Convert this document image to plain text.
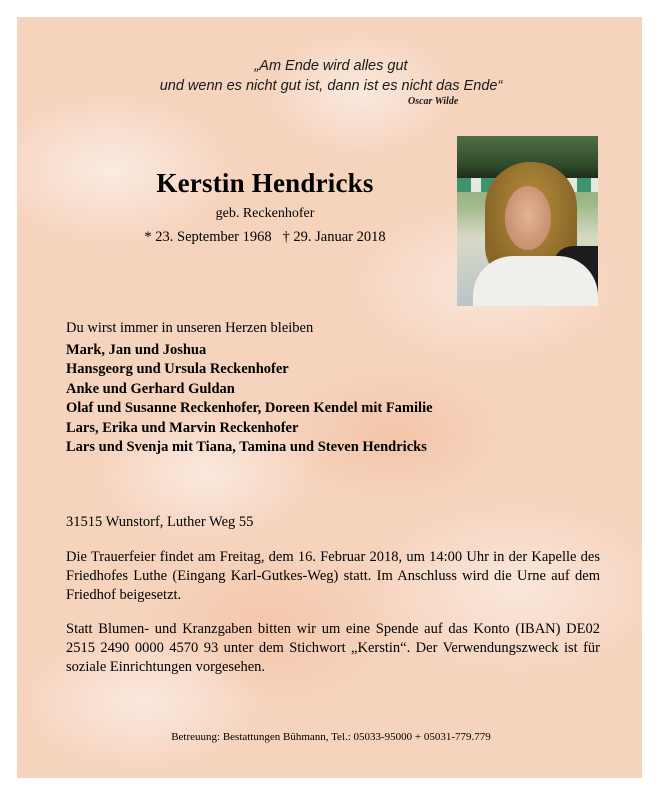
„Am Ende wird alles gut
und wenn es nicht gut ist, dann ist es nicht das Ende“
Oscar Wilde
Kerstin Hendricks
geb. Reckenhofer
* 23. September 1968 † 29. Januar 2018
Du wirst immer in unseren Herzen bleiben
Mark, Jan und Joshua
Hansgeorg und Ursula Reckenhofer
Anke und Gerhard Guldan
Olaf und Susanne Reckenhofer, Doreen Kendel mit Familie
Lars, Erika und Marvin Reckenhofer
Lars und Svenja mit Tiana, Tamina und Steven Hendricks
31515 Wunstorf, Luther Weg 55
Die Trauerfeier findet am Freitag, dem 16. Februar 2018, um 14:00 Uhr in der Kapelle des Friedhofes Luthe (Eingang Karl-Gutkes-Weg) statt. Im Anschluss wird die Urne auf dem Friedhof beigesetzt.
Statt Blumen- und Kranzgaben bitten wir um eine Spende auf das Konto (IBAN) DE02 2515 2490 0000 4570 93 unter dem Stichwort „Kerstin“. Der Verwendungszweck ist für soziale Einrichtungen vorgesehen.
Betreuung: Bestattungen Bühmann, Tel.: 05033-95000 + 05031-779.779
